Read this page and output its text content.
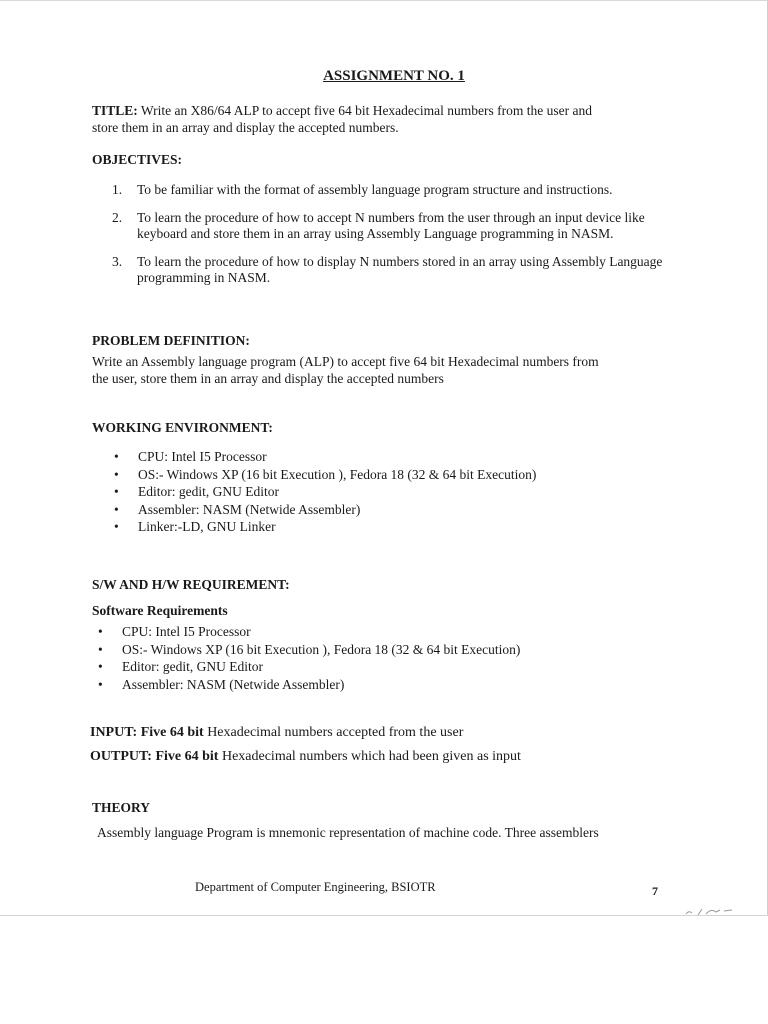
ASSIGNMENT NO. 1
TITLE: Write an X86/64 ALP to accept five 64 bit Hexadecimal numbers from the user and
store them in an array and display the accepted numbers.
OBJECTIVES:
1. To be familiar with the format of assembly language program structure and instructions.
2. To learn the procedure of how to accept N numbers from the user through an input device like keyboard and store them in an array using Assembly Language programming in NASM.
3. To learn the procedure of how to display N numbers stored in an array using Assembly Language programming in NASM.
PROBLEM DEFINITION:
Write an Assembly language program (ALP) to accept five 64 bit Hexadecimal numbers from
the user, store them in an array and display the accepted numbers
WORKING ENVIRONMENT:
• CPU: Intel I5 Processor
• OS:- Windows XP (16 bit Execution ), Fedora 18 (32 & 64 bit Execution)
• Editor: gedit, GNU Editor
• Assembler: NASM (Netwide Assembler)
• Linker:-LD, GNU Linker
S/W AND H/W REQUIREMENT:
Software Requirements
• CPU: Intel I5 Processor
• OS:- Windows XP (16 bit Execution ), Fedora 18 (32 & 64 bit Execution)
• Editor: gedit, GNU Editor
• Assembler: NASM (Netwide Assembler)
INPUT: Five 64 bit Hexadecimal numbers accepted from the user
OUTPUT: Five 64 bit Hexadecimal numbers which had been given as input
THEORY
Assembly language Program is mnemonic representation of machine code. Three assemblers
Department of Computer Engineering, BSIOTR	7
